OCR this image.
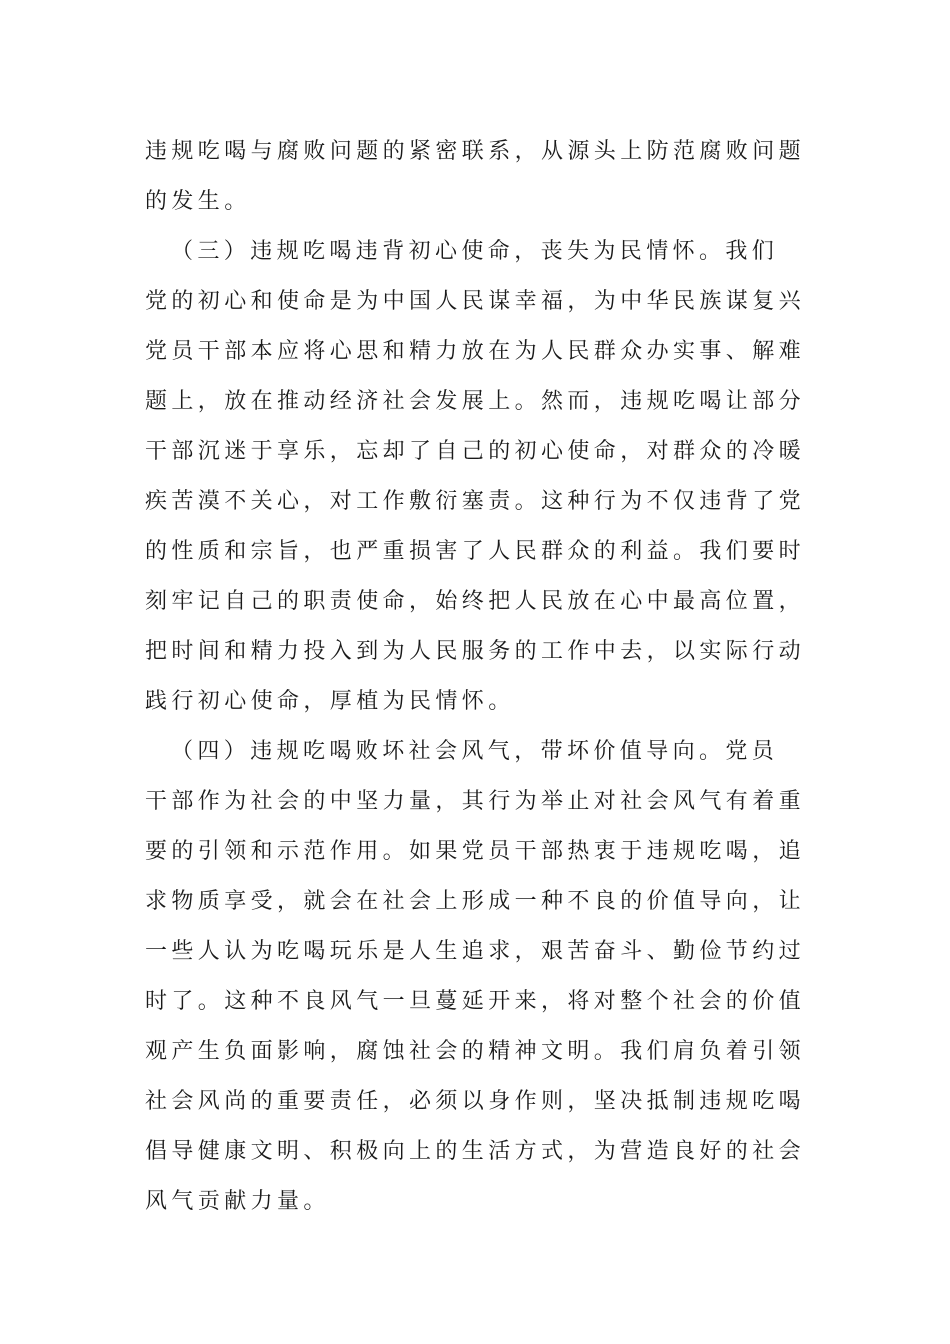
违规吃喝与腐败问题的紧密联系，从源头上防范腐败问题
的发生。
（三）违规吃喝违背初心使命，丧失为民情怀。我们
党的初心和使命是为中国人民谋幸福，为中华民族谋复兴
党员干部本应将心思和精力放在为人民群众办实事、解难
题上，放在推动经济社会发展上。然而，违规吃喝让部分
干部沉迷于享乐，忘却了自己的初心使命，对群众的冷暖
疾苦漠不关心，对工作敷衍塞责。这种行为不仅违背了党
的性质和宗旨，也严重损害了人民群众的利益。我们要时
刻牢记自己的职责使命，始终把人民放在心中最高位置，
把时间和精力投入到为人民服务的工作中去，以实际行动
践行初心使命，厚植为民情怀。
（四）违规吃喝败坏社会风气，带坏价值导向。党员
干部作为社会的中坚力量，其行为举止对社会风气有着重
要的引领和示范作用。如果党员干部热衷于违规吃喝，追
求物质享受，就会在社会上形成一种不良的价值导向，让
一些人认为吃喝玩乐是人生追求，艰苦奋斗、勤俭节约过
时了。这种不良风气一旦蔓延开来，将对整个社会的价值
观产生负面影响，腐蚀社会的精神文明。我们肩负着引领
社会风尚的重要责任，必须以身作则，坚决抵制违规吃喝
倡导健康文明、积极向上的生活方式，为营造良好的社会
风气贡献力量。
